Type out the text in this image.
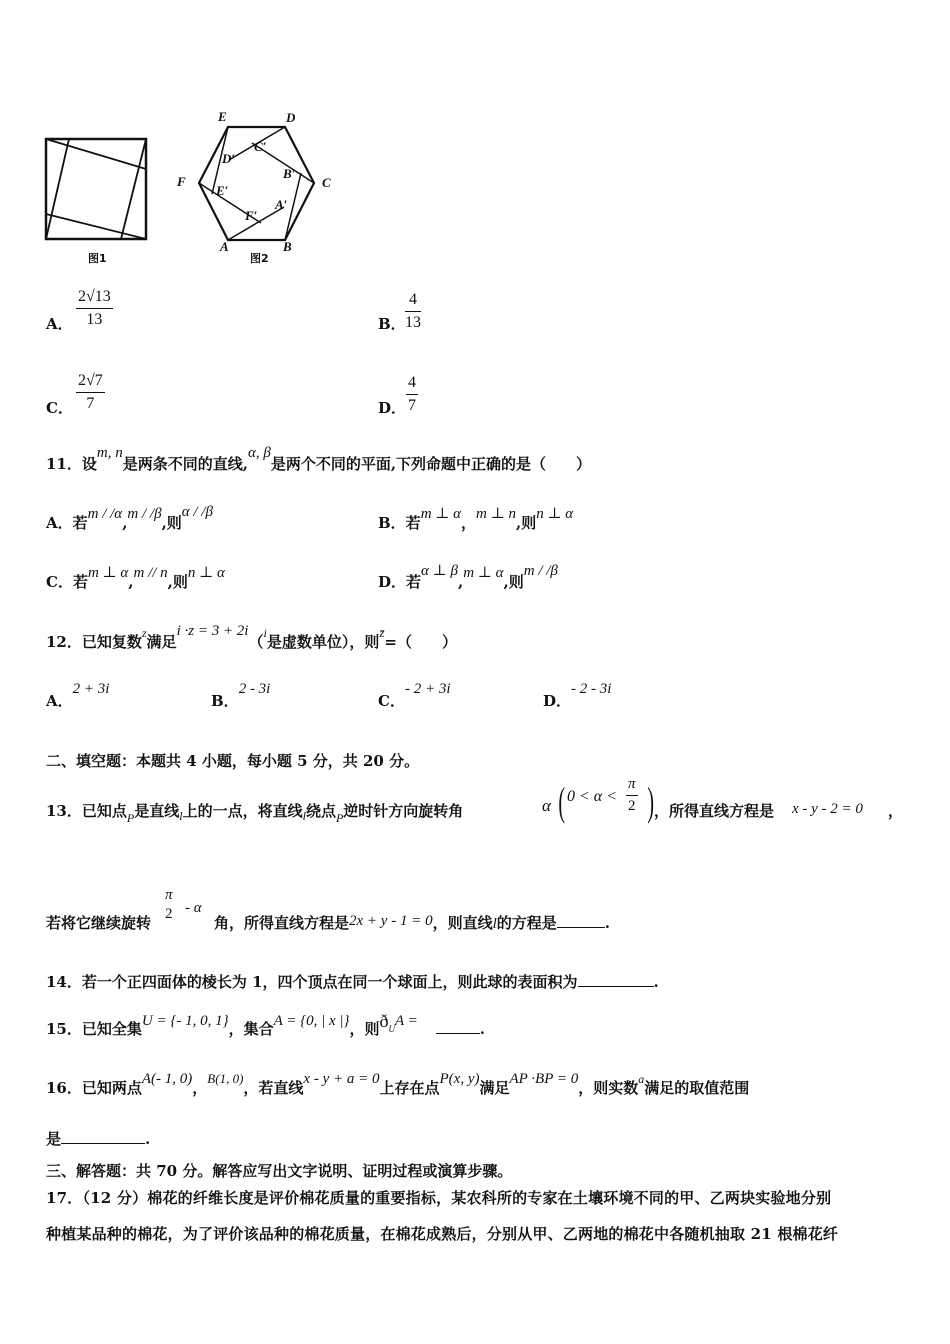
图1
E	D
C
F
A	B
D′
C′
B′
E′
A′
F′
图2
A．
2√13
13	B．
4
13
C．
2√7
7	D．
4
7
11．设m, n是两条不同的直线,α, β是两个不同的平面,下列命题中正确的是（　　）
A．若m / /α,m / /β,则α / /β
B．若m ⊥ α，m ⊥ n,则n ⊥ α
C．若m ⊥ α,m // n,则n ⊥ α	D．若α ⊥ β,m ⊥ α,则m / /β
12．已知复数$^z$满足i ·z = 3 + 2i（$^i$是虚数单位），则$^{z̄}$=（　　）
A．2 + 3i
B．2 - 3i
C．- 2 + 3i
D．- 2 - 3i
二、填空题：本题共 4 小题，每小题 5 分，共 20 分。
13．已知点$_P$是直线$_l$上的一点，将直线$_l$绕点$_P$逆时针方向旋转角	α ( 0 < α <
π
2 ) ，所得直线方程是 x - y - 2 = 0 ，
若将它继续旋转
π
2 - α
角，所得直线方程是2x + y - 1 = 0，则直线l的方程是	.
14．若一个正四面体的棱长为 1，四个顶点在同一个球面上，则此球的表面积为	.
15．已知全集U = {- 1, 0, 1}，集合A = {0, | x |}，则ðUA =	.
16．已知两点A(- 1, 0)，$^{B(1, 0)}$，若直线x - y + a = 0上存在点P(x, y)满足AP ·BP = 0，则实数$^a$满足的取值范围
是	.
三、解答题：共 70 分。解答应写出文字说明、证明过程或演算步骤。
17．（12 分）棉花的纤维长度是评价棉花质量的重要指标，某农科所的专家在土壤环境不同的甲、乙两块实验地分别
种植某品种的棉花，为了评价该品种的棉花质量，在棉花成熟后，分别从甲、乙两地的棉花中各随机抽取 21 根棉花纤
